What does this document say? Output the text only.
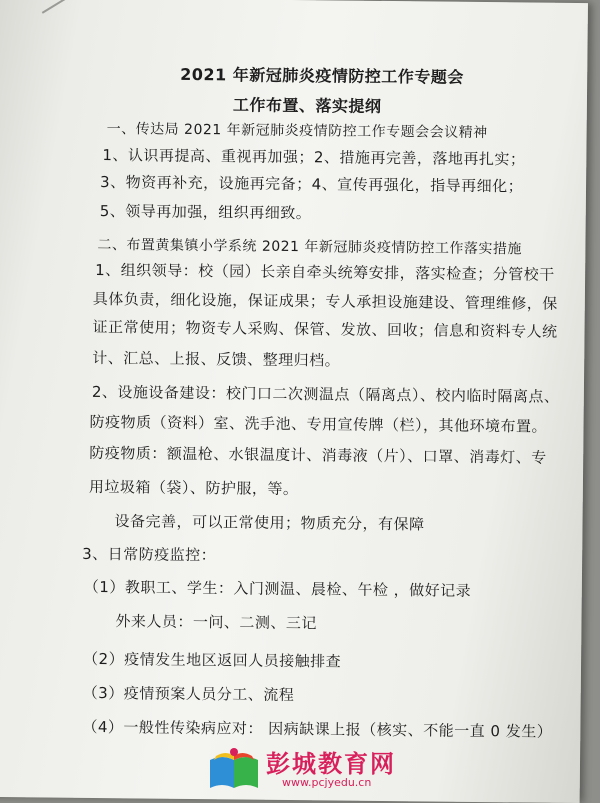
2021 年新冠肺炎疫情防控工作专题会
工作布置、落实提纲
一、传达局 2021 年新冠肺炎疫情防控工作专题会会议精神
1、认识再提高、重视再加强；2、措施再完善，落地再扎实；
3、物资再补充，设施再完备；4、宣传再强化，指导再细化；
5、领导再加强，组织再细致。
二、布置黄集镇小学系统 2021 年新冠肺炎疫情防控工作落实措施
1、组织领导：校（园）长亲自牵头统筹安排，落实检查；分管校干
具体负责，细化设施，保证成果；专人承担设施建设、管理维修，保
证正常使用；物资专人采购、保管、发放、回收；信息和资料专人统
计、汇总、上报、反馈、整理归档。
2、设施设备建设：校门口二次测温点（隔离点）、校内临时隔离点、
防疫物质（资料）室、洗手池、专用宣传牌（栏），其他环境布置。
防疫物质：额温枪、水银温度计、消毒液（片）、口罩、消毒灯、专
用垃圾箱（袋）、防护服，等。
设备完善，可以正常使用；物质充分，有保障
3、日常防疫监控：
（1）教职工、学生：入门测温、晨检、午检 ，做好记录
外来人员：一问、二测、三记
（2）疫情发生地区返回人员接触排查
（3）疫情预案人员分工、流程
（4）一般性传染病应对： 因病缺课上报（核实、不能一直 0 发生）
彭城教育网
www.pcjyedu.cn
